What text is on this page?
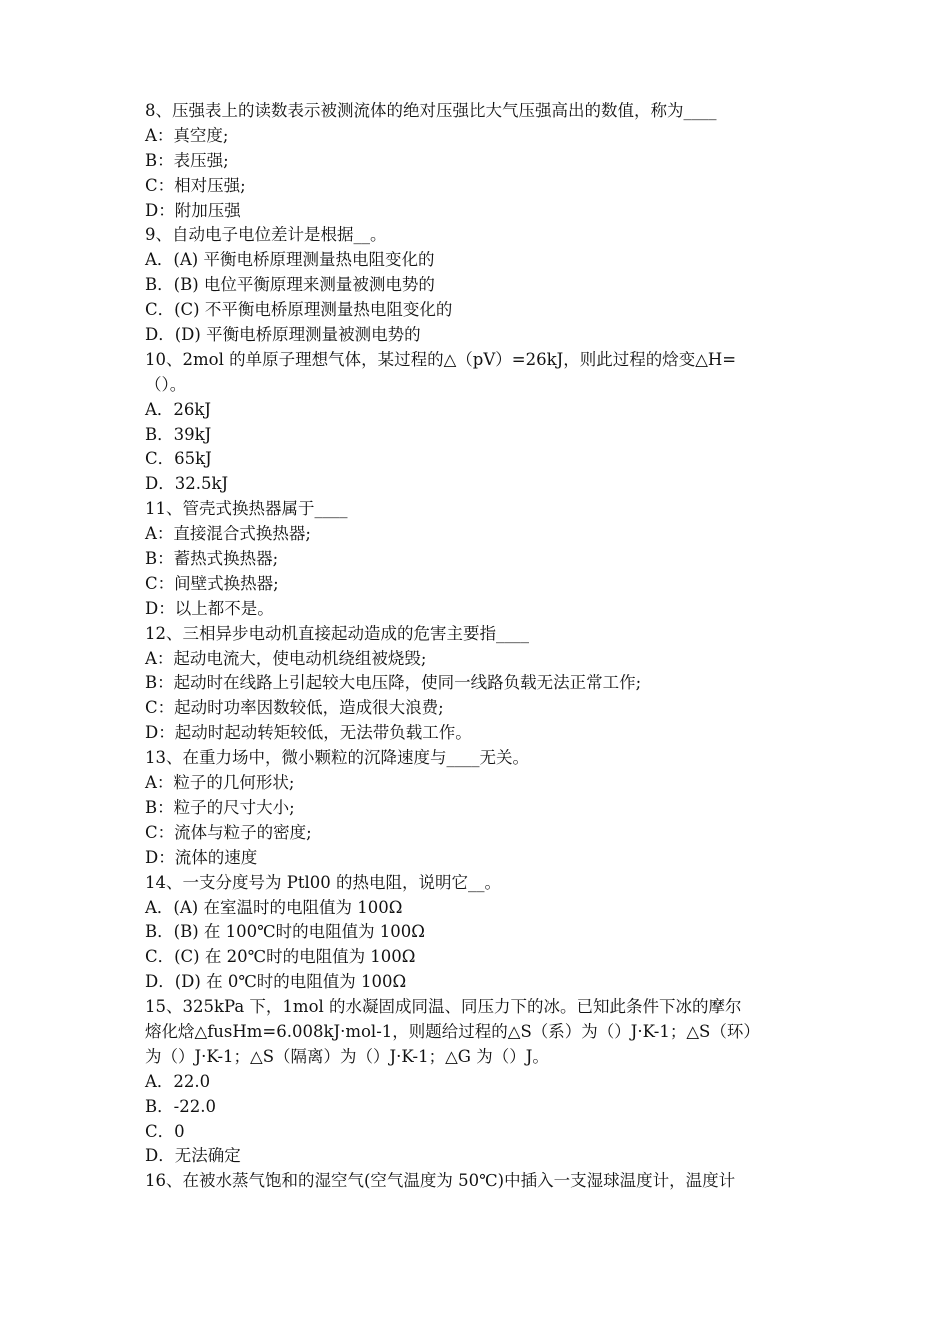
8、压强表上的读数表示被测流体的绝对压强比大气压强高出的数值，称为____
A：真空度;
B：表压强;
C：相对压强;
D：附加压强
9、自动电子电位差计是根据__。
A．(A) 平衡电桥原理测量热电阻变化的
B．(B) 电位平衡原理来测量被测电势的
C．(C) 不平衡电桥原理测量热电阻变化的
D．(D) 平衡电桥原理测量被测电势的
10、2mol 的单原子理想气体，某过程的△（pV）=26kJ，则此过程的焓变△H=
（）。
A．26kJ
B．39kJ
C．65kJ
D．32.5kJ
11、管壳式换热器属于____
A：直接混合式换热器;
B：蓄热式换热器;
C：间壁式换热器;
D：以上都不是。
12、三相异步电动机直接起动造成的危害主要指____
A：起动电流大，使电动机绕组被烧毁;
B：起动时在线路上引起较大电压降，使同一线路负载无法正常工作;
C：起动时功率因数较低，造成很大浪费;
D：起动时起动转矩较低，无法带负载工作。
13、在重力场中，微小颗粒的沉降速度与____无关。
A：粒子的几何形状;
B：粒子的尺寸大小;
C：流体与粒子的密度;
D：流体的速度
14、一支分度号为 Ptl00 的热电阻，说明它__。
A．(A) 在室温时的电阻值为 100Ω
B．(B) 在 100℃时的电阻值为 100Ω
C．(C) 在 20℃时的电阻值为 100Ω
D．(D) 在 0℃时的电阻值为 100Ω
15、325kPa 下，1mol 的水凝固成同温、同压力下的冰。已知此条件下冰的摩尔
熔化焓△fusHm=6.008kJ·mol-1，则题给过程的△S（系）为（）J·K-1；△S（环）
为（）J·K-1；△S（隔离）为（）J·K-1；△G 为（）J。
A．22.0
B．-22.0
C．0
D．无法确定
16、在被水蒸气饱和的湿空气(空气温度为 50℃)中插入一支湿球温度计，温度计
